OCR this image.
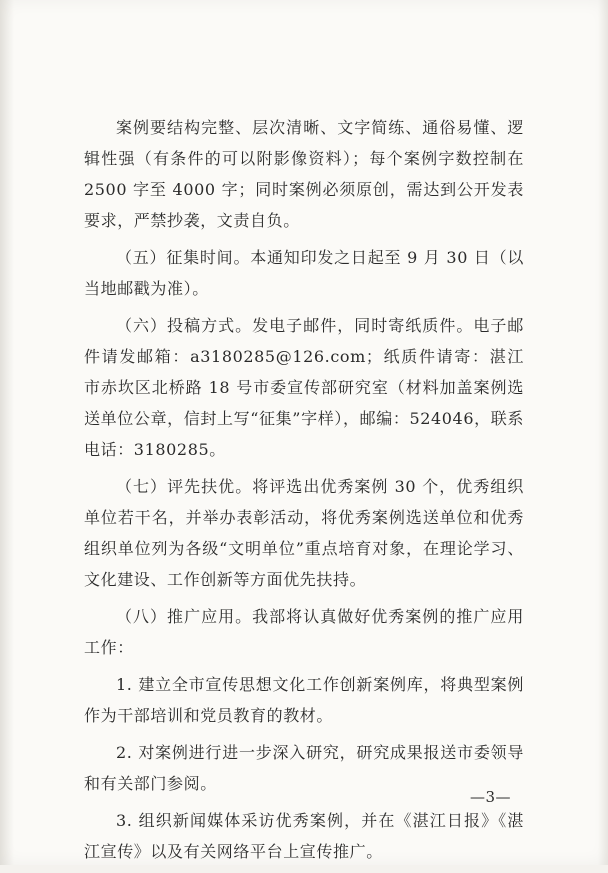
案例要结构完整、层次清晰、文字简练、通俗易懂、逻辑性强（有条件的可以附影像资料）；每个案例字数控制在 2500 字至 4000 字；同时案例必须原创，需达到公开发表要求，严禁抄袭，文责自负。

（五）征集时间。本通知印发之日起至 9 月 30 日（以当地邮戳为准）。

（六）投稿方式。发电子邮件，同时寄纸质件。电子邮件请发邮箱：a3180285@126.com；纸质件请寄：湛江市赤坎区北桥路 18 号市委宣传部研究室（材料加盖案例选送单位公章，信封上写“征集”字样），邮编：524046，联系电话：3180285。

（七）评先扶优。将评选出优秀案例 30 个，优秀组织单位若干名，并举办表彰活动，将优秀案例选送单位和优秀组织单位列为各级“文明单位”重点培育对象，在理论学习、文化建设、工作创新等方面优先扶持。

（八）推广应用。我部将认真做好优秀案例的推广应用工作：

1. 建立全市宣传思想文化工作创新案例库，将典型案例作为干部培训和党员教育的教材。

2. 对案例进行进一步深入研究，研究成果报送市委领导和有关部门参阅。

3. 组织新闻媒体采访优秀案例，并在《湛江日报》《湛江宣传》以及有关网络平台上宣传推广。

—3—
